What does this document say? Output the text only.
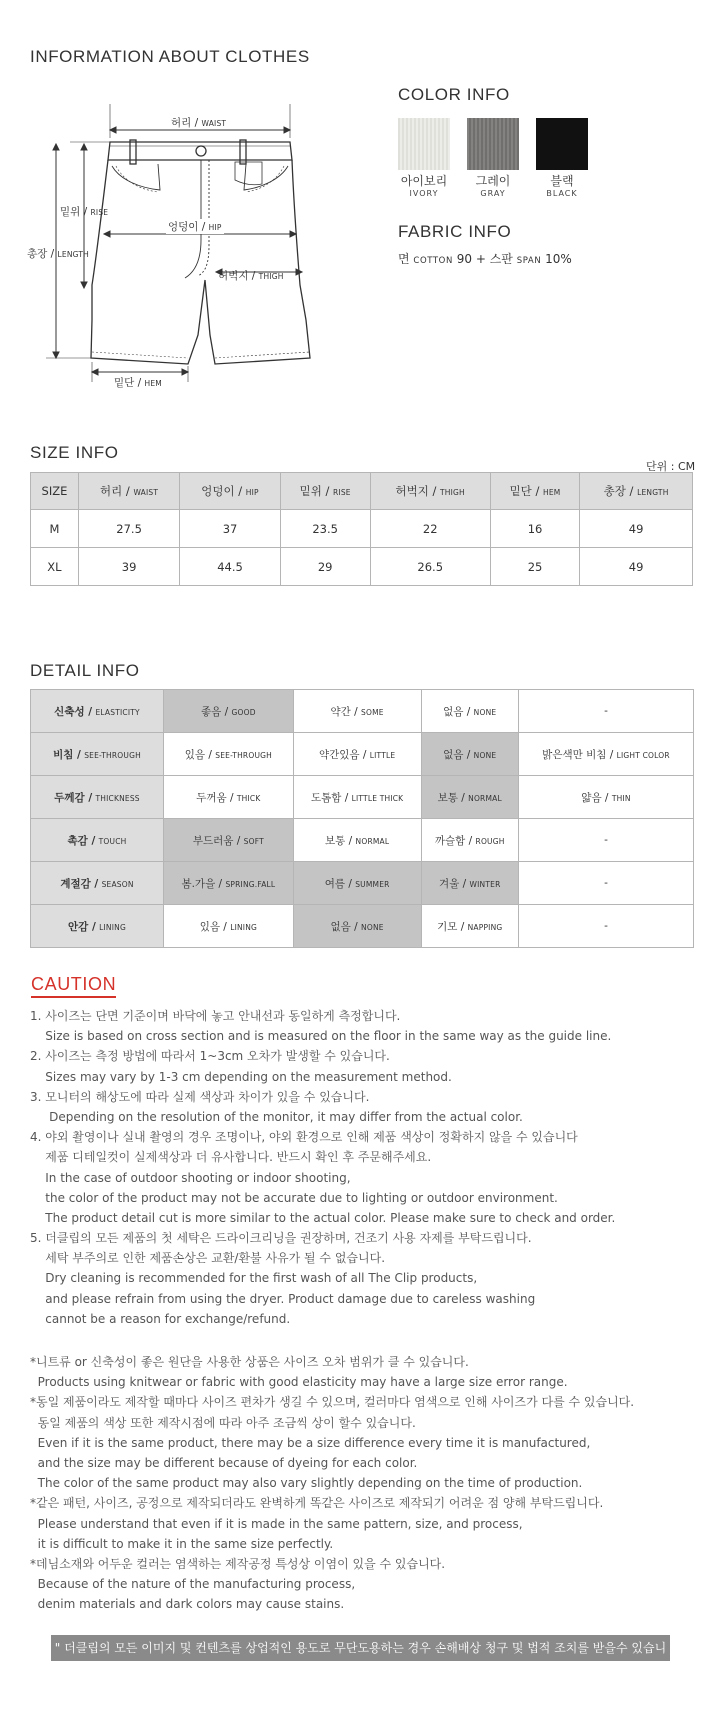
INFORMATION ABOUT CLOTHES
허리 / WAIST
밑위 / RISE
총장 / LENGTH
엉덩이 / HIP
허벅지 / THIGH
밑단 / HEM
COLOR INFO
아이보리	그레이	블랙
IVORY	GRAY	BLACK
FABRIC INFO
면 COTTON 90 + 스판 SPAN 10%
SIZE INFO
단위 : CM
SIZE	허리 / WAIST	엉덩이 / HIP	밑위 / RISE	허벅지 / THIGH	밑단 / HEM	총장 / LENGTH
M	27.5	37	23.5	22	16	49
XL	39	44.5	29	26.5	25	49
DETAIL INFO
신축성 / ELASTICITY	좋음 / GOOD	약간 / SOME	없음 / NONE	-
비침 / SEE-THROUGH	있음 / SEE-THROUGH	약간있음 / LITTLE	없음 / NONE	밝은색만 비침 / LIGHT COLOR
두께감 / THICKNESS	두꺼움 / THICK	도톰함 / LITTLE THICK	보통 / NORMAL	얇음 / THIN
촉감 / TOUCH	부드러움 / SOFT	보통 / NORMAL	까슬함 / ROUGH	-
계절감 / SEASON	봄.가을 / SPRING.FALL	여름 / SUMMER	겨울 / WINTER	-
안감 / LINING	있음 / LINING	없음 / NONE	기모 / NAPPING	-
CAUTION
1. 사이즈는 단면 기준이며 바닥에 놓고 안내선과 동일하게 측정합니다.
Size is based on cross section and is measured on the floor in the same way as the guide line.
2. 사이즈는 측정 방법에 따라서 1~3cm 오차가 발생할 수 있습니다.
Sizes may vary by 1-3 cm depending on the measurement method.
3. 모니터의 해상도에 따라 실제 색상과 차이가 있을 수 있습니다.
Depending on the resolution of the monitor, it may differ from the actual color.
4. 야외 촬영이나 실내 촬영의 경우 조명이나, 야외 환경으로 인해 제품 색상이 정확하지 않을 수 있습니다
제품 디테일컷이 실제색상과 더 유사합니다. 반드시 확인 후 주문해주세요.
In the case of outdoor shooting or indoor shooting,
the color of the product may not be accurate due to lighting or outdoor environment.
The product detail cut is more similar to the actual color. Please make sure to check and order.
5. 더클립의 모든 제품의 첫 세탁은 드라이크리닝을 권장하며, 건조기 사용 자제를 부탁드립니다.
세탁 부주의로 인한 제품손상은 교환/환불 사유가 될 수 없습니다.
Dry cleaning is recommended for the first wash of all The Clip products,
and please refrain from using the dryer. Product damage due to careless washing
cannot be a reason for exchange/refund.
*니트류 or 신축성이 좋은 원단을 사용한 상품은 사이즈 오차 범위가 클 수 있습니다.
Products using knitwear or fabric with good elasticity may have a large size error range.
*동일 제품이라도 제작할 때마다 사이즈 편차가 생길 수 있으며, 컬러마다 염색으로 인해 사이즈가 다를 수 있습니다.
동일 제품의 색상 또한 제작시점에 따라 아주 조금씩 상이 할수 있습니다.
Even if it is the same product, there may be a size difference every time it is manufactured,
and the size may be different because of dyeing for each color.
The color of the same product may also vary slightly depending on the time of production.
*같은 패턴, 사이즈, 공정으로 제작되더라도 완벽하게 똑같은 사이즈로 제작되기 어려운 점 양해 부탁드립니다.
Please understand that even if it is made in the same pattern, size, and process,
it is difficult to make it in the same size perfectly.
*데님소재와 어두운 컬러는 염색하는 제작공정 특성상 이염이 있을 수 있습니다.
Because of the nature of the manufacturing process,
denim materials and dark colors may cause stains.
" 더클립의 모든 이미지 및 컨텐츠를 상업적인 용도로 무단도용하는 경우 손해배상 청구 및 법적 조치를 받을수 있습니다. "
